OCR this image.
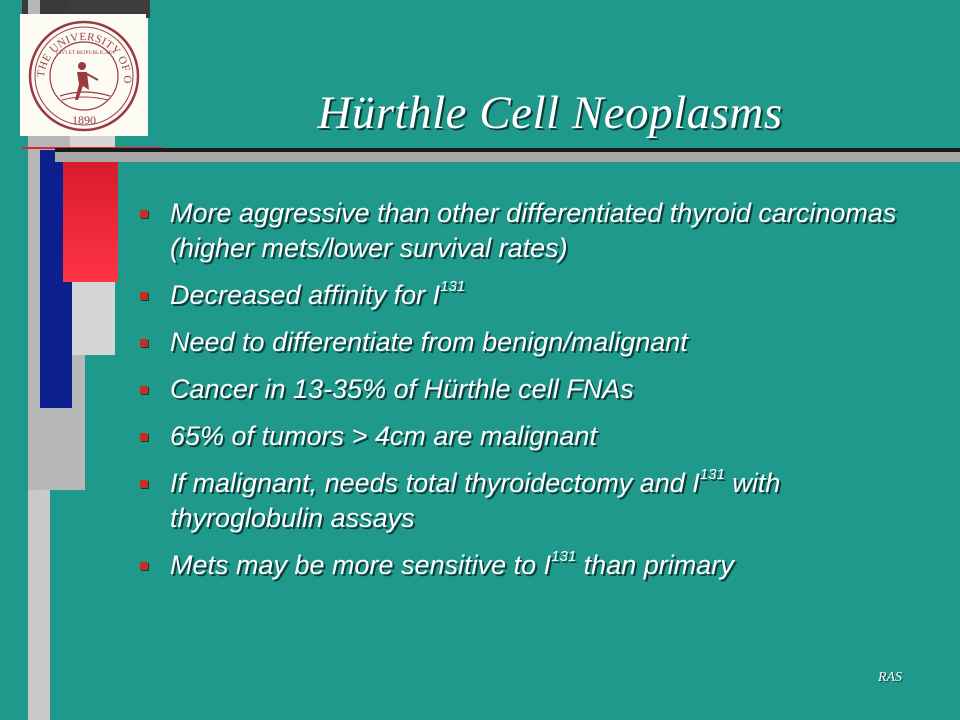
THE UNIVERSITY OF O
CIVI ET REIPUBLICAE
1890	Hürthle Cell Neoplasms
More aggressive than other differentiated thyroid carcinomas (higher mets/lower survival rates)
Decreased affinity for $I^{131}$
Need to differentiate from benign/malignant
Cancer in 13-35% of Hürthle cell FNAs
65% of tumors > 4cm are malignant
If malignant, needs total thyroidectomy and $I^{131}$ with thyroglobulin assays
Mets may be more sensitive to $I^{131}$ than primary
RAS
